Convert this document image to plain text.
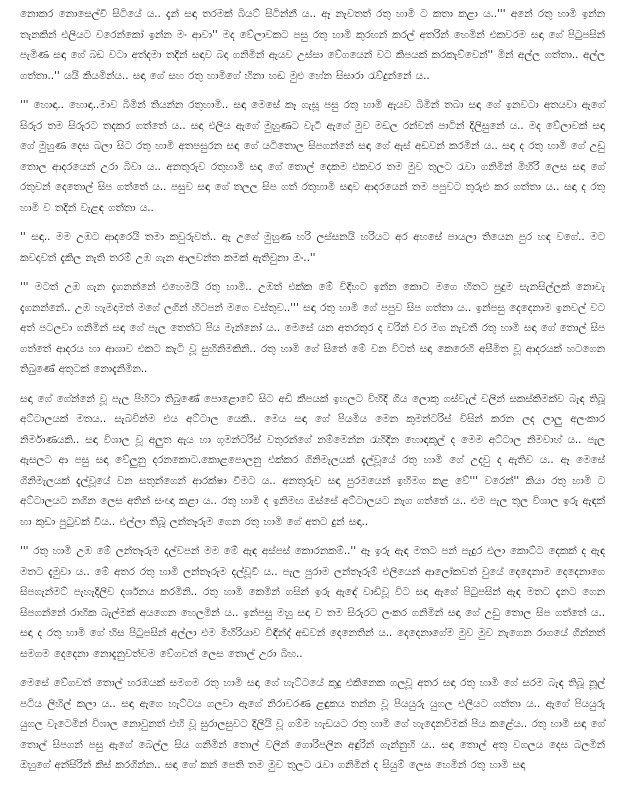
නොකර නොසෙල්වී සිටියේ ය.. දැන් සඳා තරමක් බියට් සිටින්නී ය.. ඈ නැවතත් රතු හාමි ට කතා කළා ය..''' අනේ රතු හාමි ඉන්න තැනකින් එලියට වරෙන්කෝ ඉන්න මං ආවා'' මද වේලාවකට පසු රතු හාමි කුරහන් කරල් අතරින් හෙමින් එකවරම සඳා ගේ පිටුපසින් පැමිණ සඳා ගේ බඩ වටා අත්දමා තදින් සඳාව බදා ගනිමින් ඇයව උස්සා වේගයෙන් වට කිපයක් කරකැව්වෙන්'' මින් අල්ල ගත්තා.. අල්ල ගත්තා..'' යයි කියමින්ය.. සඳා ගේ සහ රතු හාමිගේ හිනා හඬ මුළු හේන සිසාරා රැව්දුන්නේ ය..

''' හොඳා.. හොඳා..මාව බිමින් තියන්න රතුහාමි.. සඳා මෙසේ කෑ ගැසූ පසු රතු හාමි ඇයව බිමින් තබා සඳා ගේ ඉනවටා අතයවා ඇගේ සිරුර තම සිරුරට තදකර ගත්තේ ය.. සඳා එලිය ඇගේ මුහුණට වැටී ඇගේ මුව මඩල රන්වන් පාටින් දිලිසුනේ ය.. මද වේලාවක් සඳා ගේ මුහුණ දෙස බලා සිට රතු හාමි අතපසුරන සඳා ගේ යටිතොල සිපගන්නේ සඳා ගේ ඇස් අඩවන් කරමින් ය.. සඳා ද රතු හාමි ගේ උඩු තොල ආදරයෙන් උරා බිවා ය.. අනතුරුව රතුහාමි සඳා ගේ තොල් දෙකම එකවර තම මුව තුලට රැවා ගනිමින් මිහිරි ලෙස සඳා ගේ රතුවන් දෙතොල් සිප ගත්තේ ය.. පසුව සඳා ගේ තලල සිප ගත් රතුහාමි සඳාව ආදරයෙන් තම පපුවට තුරුළු කර ගත්තා ය.. සඳා ද රතු හාමි ව තදින් වැළඳ ගත්තා ය..

'' සඳා.. මම උඹට ආදරෙයි තමා කවුරුවත්.. ඇ උගේ මුහුණ හරි ලස්සනයි හරියට අර අහසේ පායලා තියෙන පුර හඳ වගේ.. මට කවදාවත් දැකිල නැති තරම් උඹ ගැන ආලවන්ත කමක් ඇතිවුනා ඔං..''

''' මටත් උඹ ගැන දැගනන්නේ එහෙමයි රතු හාමි.. උඹත් එක්ක මේ විදිහට ඉන්න කොට මගෙ හිතට පුදුම සැනසිල්ලක් නොවැ දැගනන්නේ.. උඹ හැමදාමත් මගේ ලගින් හිටපන් මගෙ වස්තුව..''' සඳා රතු හාමි ගේ පපුව සිප ගත්තා ය.. ඉන්පසු දෙදෙනාම ඉනවල් වට අත් පටලවා ගනිමින් සඳා ගේ පැල තෙත්ට පිය මැන්නෝ ය.. මෙසේ යන අතරතුර ද වරින් වර මග නැවතී රතු හාමි සඳා ගේ තොල් සිප ගත්තේ ආදරය හා ආශාව එකට කැටි වූ සුහිනිමකිනි.. රතු හාමි ගේ සිතේ මේ වන විටත් සඳා කෙරෙහි අසීමිත වූ ආදරයක් හටගෙන තිබුණේ අතුටක් නොදැනිමින..

සඳා ගේ ගේන්නේ වූ පැල පිහිටා තිබුණේ පොළොවේ සිට අඩි කීපයක් ඉහලට විහිදි ගිය ලොකු ගස්වැල් වලින් සකස්කිමක්ව බැඳ තිබූ අට්ටාලයක් මතය.. සැබවින්ම එය අට්ටාල යෙකි.. මෙය සඳා ගේ පියමිය මෙන කුමන්ටරිස් විසින් කරන ලද ලාලු අලංකාර නිර්මාණයකි.. සඳා විශාල වූ අලුත ඇය හා ගුමන්ටරිස් වතුරන්ගේ නම්මෙන්න රැහිදින හොඳකුල් ද මෙම අට්ටාල නිමවාහ් ය.. පැල ඇසලට ආ පසු සඳා වේලුනු දරනකොට.කොළපොලනු එක්කර ගිනිමැලයක් දැල්වූයේ රතු හාමි ගේ උදවු ද ඇතිව ය.. ඈ මෙසේ ගිනිමැලයක් දැල්වූයේ වන සතුන්ගෙන් ආරක්ෂා වීමට ය.. අනතුරුව සඳා පුරමයෙන් ඉහිමග කළ වේ''' වරෙන්'' කියා රතු හාමි ට අට්ටාලයට නගින ලෙස අතින් සංඥා කළා ය.. රතු හාමි ද ඉනිමඟ ඔස්සේ අට්ටාලයට නැග ගත්තේ ය.. එම පැල තුල විශාල ඉරු ඇඳක් හා කුඩා පුටුවක් වීය.. එල්ලා තිබූ ලන්තෑරුම ගෙන රතු හාමි ගේ අතට දුන් සඳා..

''' රතු හාමි උඹ මේ ලන්තෑරුම දල්වපන් මම මේ ඇඳ අස්පස් කොරනකම්..'' ඈ ඉරු ඇඳ මතට පන් පැදුර එලා කොට්ට දෙකක් ද ඇඳ මතට දැමුවා ය.. මේ අතර රතු හාමි ලන්තෑරුම දල්වූවී ය.. පැල පුරාම ලන්තෑරුම් එලියෙන් ආලෝකවත් වුයේ දෙදෙනාම දෙදෙනාගෙ සිපගැන්මට් පැහැදිලිව දර්ශනය කරමිනි.. රතු හාමි කෙමින් ගසින් ඉරු ඇඳේ වාඩිවූ විට සඳා ඇගේ පිටුපසින් ඇඳ මතට දැනට ගෙන සිපගන්නේ රාහික බැල්මක් අයගෙන හෙලමින් ය.. ඉන්පසු මහු සඳා ව තම සිරුරට ලංකර ගනිමින් සඳා ගේ උඩු තොල සිප ගත්තේ ය.. සඳා ද රතු හාමි ගේ හිස පිටුපසින් අල්ලා එම මිහිරියාව විඳින්ද් අඩවන් දෙනෙතින් ය.. දෙදෙනාගේම මුව මුව නැගෙන රාගයේ ගින්නත් සමගම දෙදෙනා නොදැනුවත්වම වේගවත් ලෙස තොල් උරා බිහ..

මෙසේ වේගවත් තොල් හරඹයක් සමගම රතු හාමි සඳා ගේ හැට්ටයේ කුදු එකිනෙක ගලවූ අතර සඳා රතු හාමි ගේ සරම බැඳ තිබූ නූල් පටිය ලිහිල් කලා ය.. සඳා ඇගෙ හැට්ටය ගලවා ඇගේ නිරාවරණ ළඳුකය තන්න වූ පියයුරු යුගල එලියට ගත්තා ය.. ඇගේ පියයුරු යුගල වැටෙමින් විශාල නොවුනත් එහි වූ සුරාලසුවට දිලියි වූ ගම්ම හැඩයට රතු හාමි ගේ හැදෙනවිමක් පිය කළේය.. රතු හාමි සඳා ගේ තොල් සිපගන් පසු ඇගේ බෙල්ල සිය ගනිමින් තොල් වලින් ගොරිපලින අඳුරින් ගැන්නුහි ය.. සඳා තොල් අතු වගලය දෙස බලමින් ඔහුගේ අන්සිරින් කිස් කරගින්න.. සඳා ගේ කන් පෙති තම මුව තුලට රැවා ගනිමින් ද සියුම් ලෙස හෙමින් රතු හාමි සඳා
